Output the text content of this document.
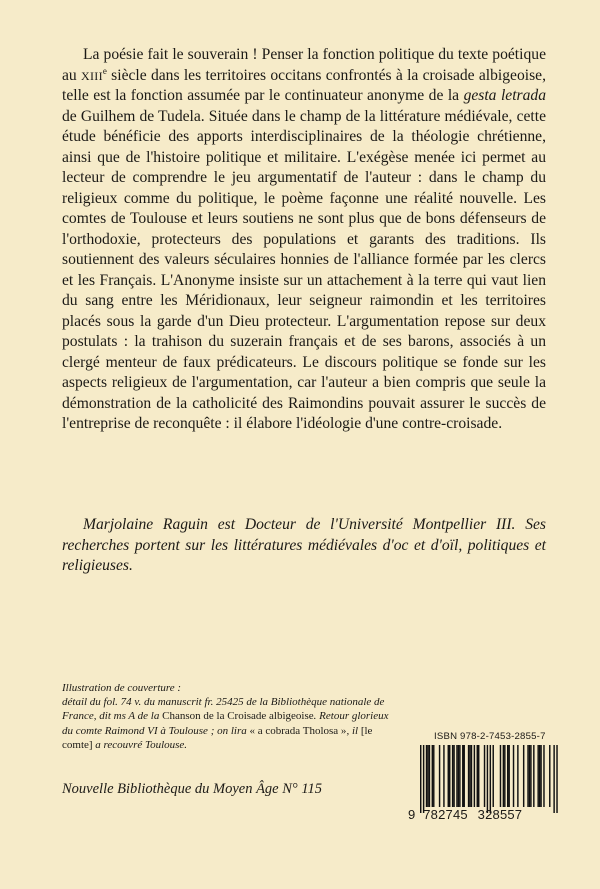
La poésie fait le souverain ! Penser la fonction politique du texte poétique au XIIIe siècle dans les territoires occitans confrontés à la croisade albigeoise, telle est la fonction assumée par le continuateur anonyme de la gesta letrada de Guilhem de Tudela. Située dans le champ de la littérature médiévale, cette étude bénéficie des apports interdisciplinaires de la théologie chrétienne, ainsi que de l'histoire politique et militaire. L'exégèse menée ici permet au lecteur de comprendre le jeu argumentatif de l'auteur : dans le champ du religieux comme du politique, le poème façonne une réalité nouvelle. Les comtes de Toulouse et leurs soutiens ne sont plus que de bons défenseurs de l'orthodoxie, protecteurs des populations et garants des traditions. Ils soutiennent des valeurs séculaires honnies de l'alliance formée par les clercs et les Français. L'Anonyme insiste sur un attachement à la terre qui vaut lien du sang entre les Méridionaux, leur seigneur raimondin et les territoires placés sous la garde d'un Dieu protecteur. L'argumentation repose sur deux postulats : la trahison du suzerain français et de ses barons, associés à un clergé menteur de faux prédicateurs. Le discours politique se fonde sur les aspects religieux de l'argumentation, car l'auteur a bien compris que seule la démonstration de la catholicité des Raimondins pouvait assurer le succès de l'entreprise de reconquête : il élabore l'idéologie d'une contre-croisade.

Marjolaine Raguin est Docteur de l'Université Montpellier III. Ses recherches portent sur les littératures médiévales d'oc et d'oïl, politiques et religieuses.

Illustration de couverture :
détail du fol. 74 v. du manuscrit fr. 25425 de la Bibliothèque nationale de France, dit ms A de la Chanson de la Croisade albigeoise. Retour glorieux du comte Raimond VI à Toulouse ; on lira « a cobrada Tholosa », il [le comte] a recouvré Toulouse.

Nouvelle Bibliothèque du Moyen Âge N° 115

ISBN 978-2-7453-2855-7
9 782745 328557
